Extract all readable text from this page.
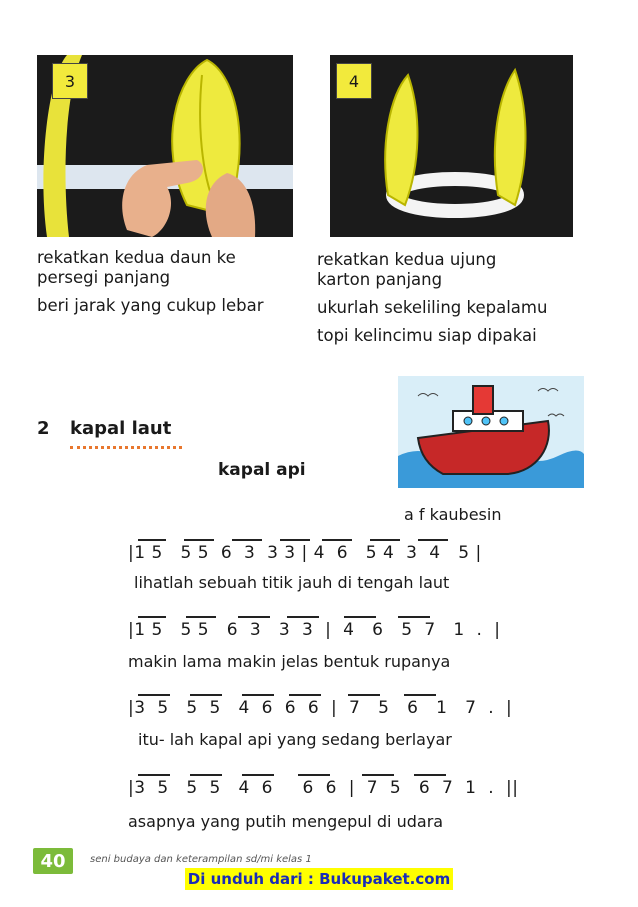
3	4
rekatkan kedua daun ke
persegi panjang
beri jarak yang cukup lebar
rekatkan kedua ujung
karton panjang
ukurlah sekeliling kepalamu
topi kelincimu siap dipakai
2 kapal laut
kapal api
a f kaubesin
|1 5   5 5  6  3  3 3 | 4  6   5 4  3  4   5 |
lihatlah sebuah titik jauh di tengah laut
|1 5   5 5   6  3   3  3  |  4   6   5  7   1  .  |
makin lama makin jelas bentuk rupanya
|3  5   5  5   4  6  6  6  |  7   5   6   1   7  .  |
itu- lah kapal api yang sedang berlayar
|3  5   5  5   4  6     6  6  |  7  5   6  7  1  .  ||
asapnya yang putih mengepul di udara
40	seni budaya dan keterampilan sd/mi kelas 1
Di unduh dari : Bukupaket.com
